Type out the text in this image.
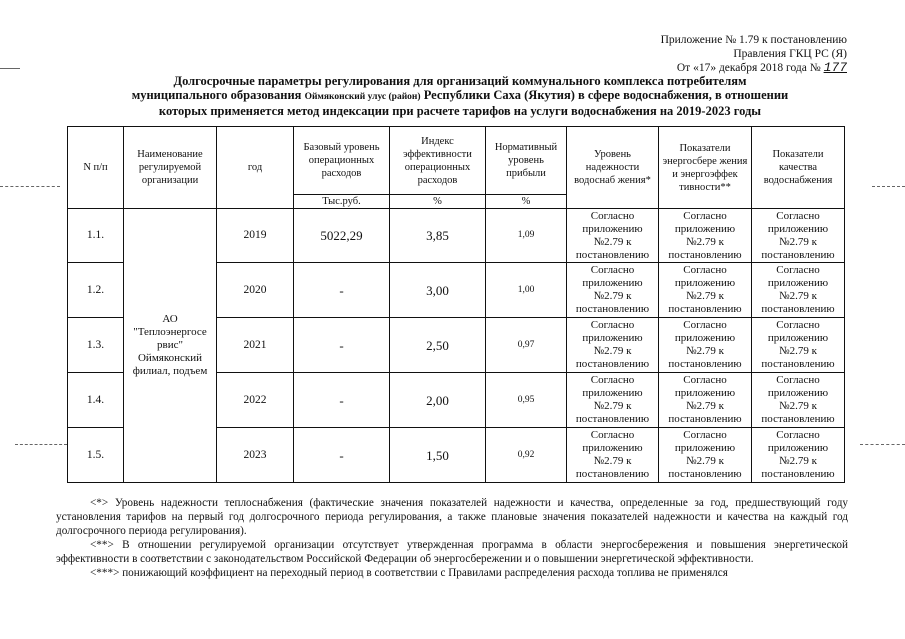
Приложение № 1.79 к постановлению
Правления ГКЦ РС (Я)
От «17» декабря 2018 года № 177
Долгосрочные параметры регулирования для организаций коммунального комплекса потребителям
муниципального образования Оймяконский улус (район) Республики Саха (Якутия) в сфере водоснабжения, в отношении
которых применяется метод индексации при расчете тарифов на услуги водоснабжения на 2019-2023 годы
N п/п	Наименование регулируемой организации	год	Базовый уровень операционных расходов	Индекс эффективности операционных расходов	Нормативный уровень прибыли	Уровень надежности водоснаб жения*	Показатели энергосбере жения и энергоэффек тивности**	Показатели качества водоснабжения
			Тыс.руб.	%	%			
1.1.	АО "Теплоэнергосе рвис" Оймяконский филиал, подъем	2019	5022,29	3,85	1,09	Согласно приложению №2.79 к постановлению	Согласно приложению №2.79 к постановлению	Согласно приложению №2.79 к постановлению
1.2.		2020	-	3,00	1,00	Согласно приложению №2.79 к постановлению	Согласно приложению №2.79 к постановлению	Согласно приложению №2.79 к постановлению
1.3.		2021	-	2,50	0,97	Согласно приложению №2.79 к постановлению	Согласно приложению №2.79 к постановлению	Согласно приложению №2.79 к постановлению
1.4.		2022	-	2,00	0,95	Согласно приложению №2.79 к постановлению	Согласно приложению №2.79 к постановлению	Согласно приложению №2.79 к постановлению
1.5.		2023	-	1,50	0,92	Согласно приложению №2.79 к постановлению	Согласно приложению №2.79 к постановлению	Согласно приложению №2.79 к постановлению

<*> Уровень надежности теплоснабжения (фактические значения показателей надежности и качества, определенные за год, предшествующий году установления тарифов на первый год долгосрочного периода регулирования, а также плановые значения показателей надежности и качества на каждый год долгосрочного периода регулирования).

<**> В отношении регулируемой организации отсутствует утвержденная программа в области энергосбережения и повышения энергетической эффективности в соответствии с законодательством Российской Федерации об энергосбережении и о повышении энергетической эффективности.

<***> понижающий коэффициент на переходный период в соответствии с Правилами распределения расхода топлива не применялся
